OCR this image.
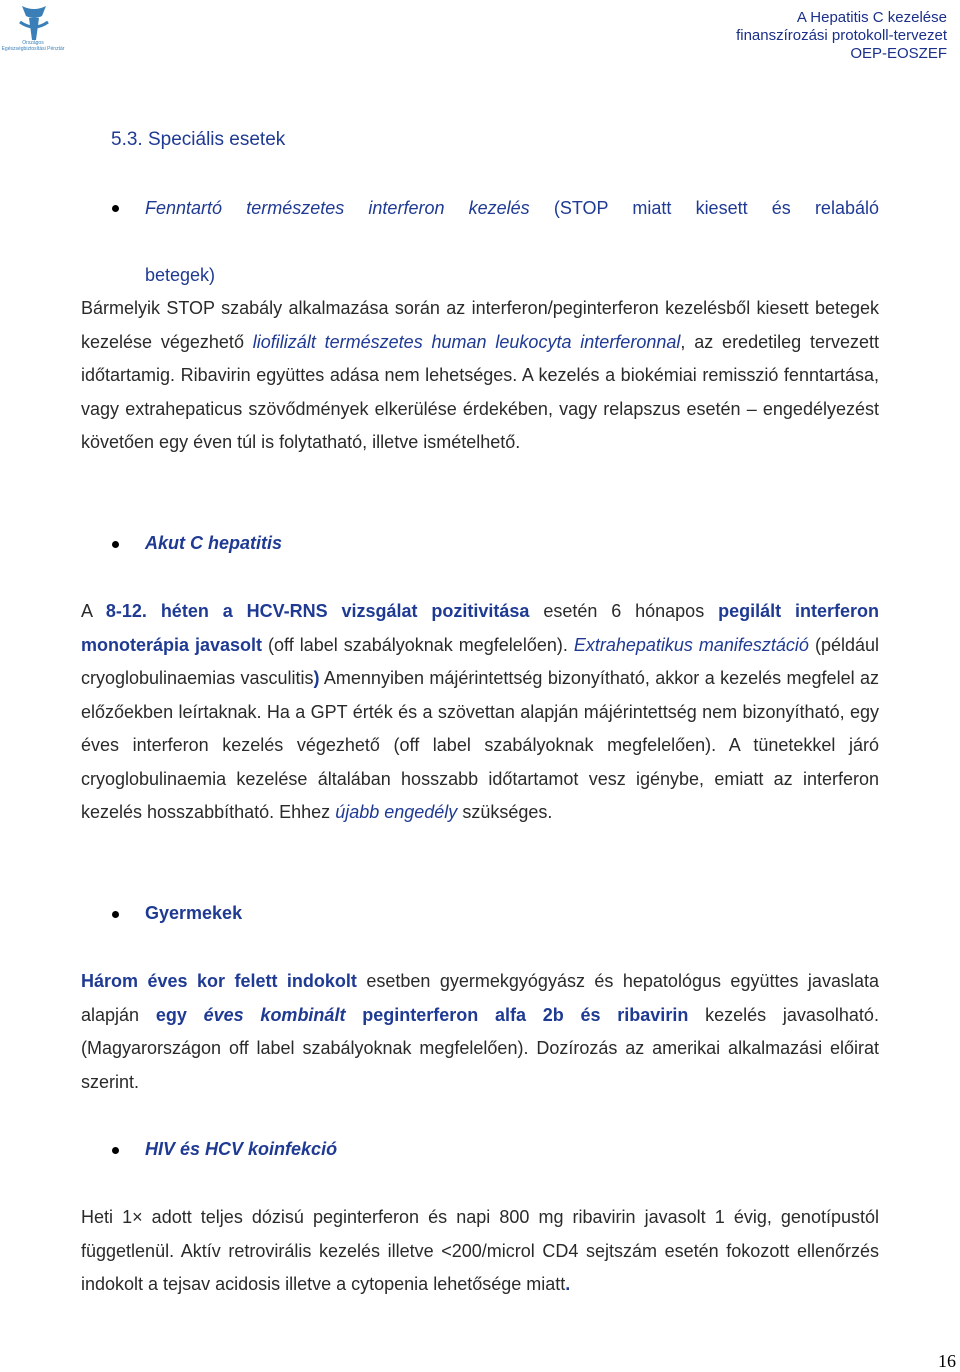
Országos Egészségbiztosítási Pénztár
A Hepatitis C kezelése
finanszírozási protokoll-tervezet
OEP-EOSZEF
5.3. Speciális esetek
Fenntartó természetes interferon kezelés (STOP miatt kiesett és relabáló
betegek)
Bármelyik STOP szabály alkalmazása során az interferon/peginterferon kezelésből kiesett betegek kezelése végezhető liofilizált természetes human leukocyta interferonnal, az eredetileg tervezett időtartamig. Ribavirin együttes adása nem lehetséges. A kezelés a biokémiai remisszió fenntartása, vagy extrahepaticus szövődmények elkerülése érdekében, vagy relapszus esetén – engedélyezést követően egy éven túl is folytatható, illetve ismételhető.
Akut C hepatitis
A 8-12. héten a HCV-RNS vizsgálat pozitivitása esetén 6 hónapos pegilált interferon monoterápia javasolt (off label szabályoknak megfelelően). Extrahepatikus manifesztáció (például cryoglobulinaemias vasculitis) Amennyiben májérintettség bizonyítható, akkor a kezelés megfelel az előzőekben leírtaknak. Ha a GPT érték és a szövettan alapján májérintettség nem bizonyítható, egy éves interferon kezelés végezhető (off label szabályoknak megfelelően). A tünetekkel járó cryoglobulinaemia kezelése általában hosszabb időtartamot vesz igénybe, emiatt az interferon kezelés hosszabbítható. Ehhez újabb engedély szükséges.
Gyermekek
Három éves kor felett indokolt esetben gyermekgyógyász és hepatológus együttes javaslata alapján egy éves kombinált peginterferon alfa 2b és ribavirin kezelés javasolható. (Magyarországon off label szabályoknak megfelelően). Dozírozás az amerikai alkalmazási előirat szerint.
HIV és HCV koinfekció
Heti 1× adott teljes dózisú peginterferon és napi 800 mg ribavirin javasolt 1 évig, genotípustól függetlenül. Aktív retrovirális kezelés illetve <200/microl CD4 sejtszám esetén fokozott ellenőrzés indokolt a tejsav acidosis illetve a cytopenia lehetősége miatt.
16
